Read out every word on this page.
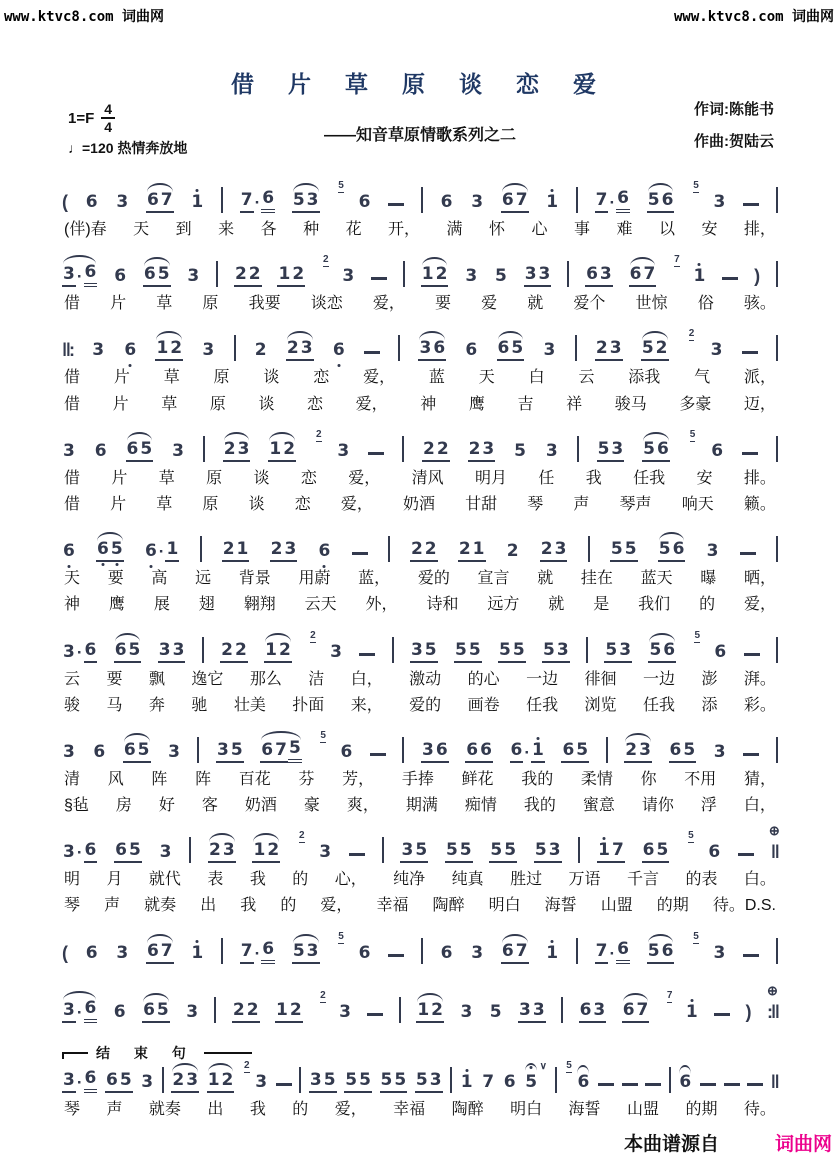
www.ktvc8.com 词曲网	www.ktvc8.com 词曲网
借 片 草 原 谈 恋 爱
$1=F \frac{4}{4}$
♩=120 热情奔放地
——知音草原情歌系列之二
作词:陈能书
作曲:贺陆云
( 6 3 6 7 1 7 · 6 5 3
5
6	6 3 6 7 1 7 · 6 5 6
5
3
(伴)春 天 到 来 各 种 花 开， 满 怀 心 事 难 以 安 排，
3 · 6 6 6 5 3 2 2 1 2
2
3	1 2 3 5 3 3 6 3 6 7
7
1	)
借 片 草 原 我要 谈恋 爱， 要 爱 就 爱个 世惊 俗 骇。
‖: 3 6 1 2 3 2 2 3 6	3 6 6 6 5 3 2 3 5 2
2
3
借 片 草 原 谈 恋 爱， 蓝 天 白 云 添我 气 派，
借 片 草 原 谈 恋 爱， 神 鹰 吉 祥 骏马 多豪 迈，
3 6 6 5 3 2 3 1 2
2
3	2 2 2 3 5 3 5 3 5 6
5
6
借 片 草 原 谈 恋 爱， 清风 明月 任 我 任我 安 排。
借 片 草 原 谈 恋 爱， 奶酒 甘甜 琴 声 琴声 响天 籁。
6 6 5 6 · 1	2 1 2 3 6	2 2 2 1 2 2 3	5 5 5 6 3
天 要 高 远 背景 用蔚 蓝， 爱的 宣言 就 挂在 蓝天 曝 晒，
神 鹰 展 翅 翱翔 云天 外， 诗和 远方 就 是 我们 的 爱，
3 · 6 6 5 3 3 2 2 1 2
2
3	3 5 5 5 5 5 5 3 5 3 5 6
5
6
云 要 飘 逸它 那么 洁 白， 激动 的心 一边 徘徊 一边 澎 湃。
骏 马 奔 驰 壮美 扑面 来， 爱的 画卷 任我 浏览 任我 添 彩。
3 6 6 5 3 3 5 6 7 5
5
6	3 6 6 6 6 · 1 6 5 2 3 6 5 3
清 风 阵 阵 百花 芬 芳， 手捧 鲜花 我的 柔情 你 不用 猜，
§毡 房 好 客 奶酒 豪 爽， 期满 痴情 我的 蜜意 请你 浮 白，
3 · 6 6 5 3 2 3 1 2
2
3	3 5 5 5 5 5 5 3 1 7 6 5
5
6	‖
⊕
明 月 就代 表 我 的 心， 纯净 纯真 胜过 万语 千言 的表 白。
琴 声 就奏 出 我 的 爱， 幸福 陶醉 明白 海誓 山盟 的期 待。D.S.
( 6 3 6 7 1 7 · 6 5 3
5
6	6 3 6 7 1 7 · 6 5 6
5
3
3 · 6 6 6 5 3 2 2 1 2
2
3	1 2 3 5 3 3 6 3 6 7
7
1	) :‖
⊕
结 束 句
3 · 6 6 5 3 2 3 1 2
2
3	3 5 5 5 5 5 5 3 1 7 6 5
∨ 5
6	6	‖
琴 声 就奏 出 我 的 爱， 幸福 陶醉 明白 海誓 山盟 的期 待。
本曲谱源自	词曲网
